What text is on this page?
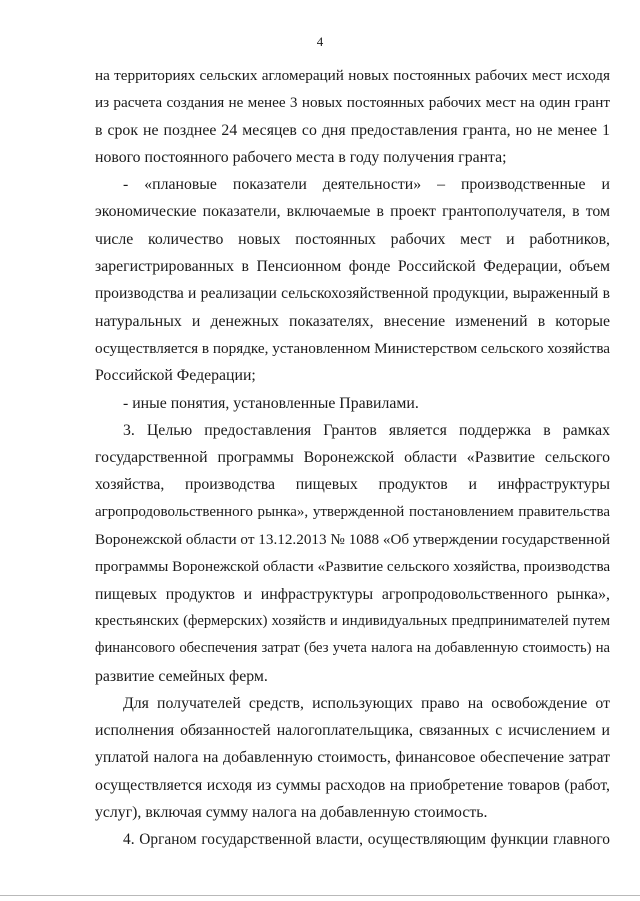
4
на территориях сельских агломераций новых постоянных рабочих мест исходя
из расчета создания не менее 3 новых постоянных рабочих мест на один грант
в срок не позднее 24 месяцев со дня предоставления гранта, но не менее 1
нового постоянного рабочего места в году получения гранта;
- «плановые показатели деятельности» – производственные и
экономические показатели, включаемые в проект грантополучателя, в том
числе количество новых постоянных рабочих мест и работников,
зарегистрированных в Пенсионном фонде Российской Федерации, объем
производства и реализации сельскохозяйственной продукции, выраженный в
натуральных и денежных показателях, внесение изменений в которые
осуществляется в порядке, установленном Министерством сельского хозяйства
Российской Федерации;
- иные понятия, установленные Правилами.
3. Целью предоставления Грантов является поддержка в рамках
государственной программы Воронежской области «Развитие сельского
хозяйства, производства пищевых продуктов и инфраструктуры
агропродовольственного рынка», утвержденной постановлением правительства
Воронежской области от 13.12.2013 № 1088 «Об утверждении государственной
программы Воронежской области «Развитие сельского хозяйства, производства
пищевых продуктов и инфраструктуры агропродовольственного рынка»,
крестьянских (фермерских) хозяйств и индивидуальных предпринимателей путем
финансового обеспечения затрат (без учета налога на добавленную стоимость) на
развитие семейных ферм.
Для получателей средств, использующих право на освобождение от
исполнения обязанностей налогоплательщика, связанных с исчислением и
уплатой налога на добавленную стоимость, финансовое обеспечение затрат
осуществляется исходя из суммы расходов на приобретение товаров (работ,
услуг), включая сумму налога на добавленную стоимость.
4. Органом государственной власти, осуществляющим функции главного
